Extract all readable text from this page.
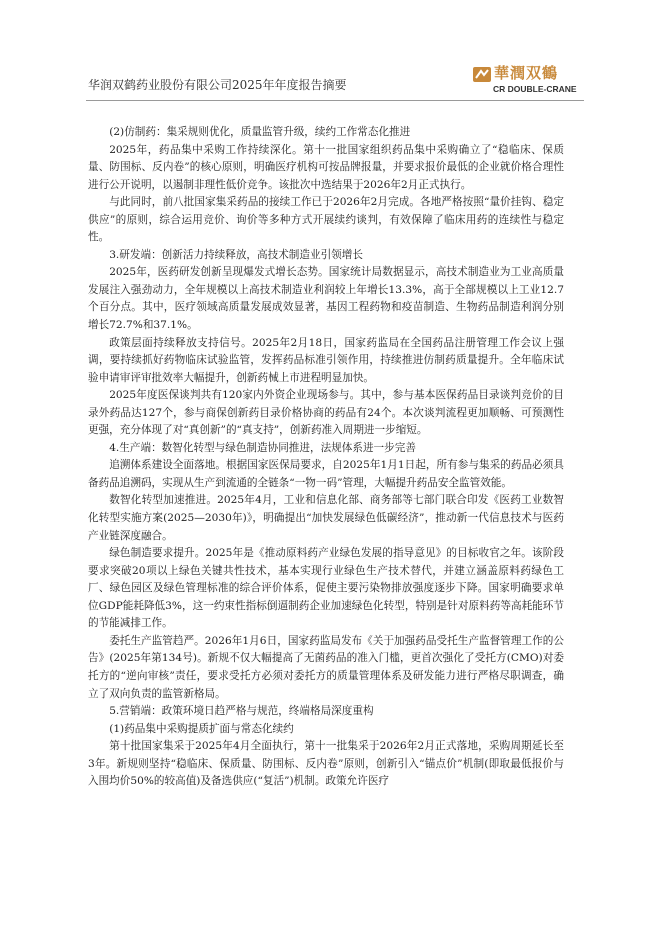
华润双鹤药业股份有限公司2025年年度报告摘要
華潤双鶴
CR DOUBLE-CRANE

(2)仿制药：集采规则优化，质量监管升级，续约工作常态化推进

2025年，药品集中采购工作持续深化。第十一批国家组织药品集中采购确立了“稳临床、保质量、防围标、反内卷”的核心原则，明确医疗机构可按品牌报量，并要求报价最低的企业就价格合理性进行公开说明，以遏制非理性低价竞争。该批次中选结果于2026年2月正式执行。

与此同时，前八批国家集采药品的接续工作已于2026年2月完成。各地严格按照“量价挂钩、稳定供应”的原则，综合运用竞价、询价等多种方式开展续约谈判，有效保障了临床用药的连续性与稳定性。

3.研发端：创新活力持续释放，高技术制造业引领增长

2025年，医药研发创新呈现爆发式增长态势。国家统计局数据显示，高技术制造业为工业高质量发展注入强劲动力，全年规模以上高技术制造业利润较上年增长13.3%，高于全部规模以上工业12.7个百分点。其中，医疗领域高质量发展成效显著，基因工程药物和疫苗制造、生物药品制造利润分别增长72.7%和37.1%。

政策层面持续释放支持信号。2025年2月18日，国家药监局在全国药品注册管理工作会议上强调，要持续抓好药物临床试验监管，发挥药品标准引领作用，持续推进仿制药质量提升。全年临床试验申请审评审批效率大幅提升，创新药械上市进程明显加快。

2025年度医保谈判共有120家内外资企业现场参与。其中，参与基本医保药品目录谈判竞价的目录外药品达127个，参与商保创新药目录价格协商的药品有24个。本次谈判流程更加顺畅、可预测性更强，充分体现了对“真创新”的“真支持”，创新药准入周期进一步缩短。

4.生产端：数智化转型与绿色制造协同推进，法规体系进一步完善

追溯体系建设全面落地。根据国家医保局要求，自2025年1月1日起，所有参与集采的药品必须具备药品追溯码，实现从生产到流通的全链条“一物一码”管理，大幅提升药品安全监管效能。

数智化转型加速推进。2025年4月，工业和信息化部、商务部等七部门联合印发《医药工业数智化转型实施方案(2025—2030年)》，明确提出“加快发展绿色低碳经济”，推动新一代信息技术与医药产业链深度融合。

绿色制造要求提升。2025年是《推动原料药产业绿色发展的指导意见》的目标收官之年。该阶段要求突破20项以上绿色关键共性技术，基本实现行业绿色生产技术替代，并建立涵盖原料药绿色工厂、绿色园区及绿色管理标准的综合评价体系，促使主要污染物排放强度逐步下降。国家明确要求单位GDP能耗降低3%，这一约束性指标倒逼制药企业加速绿色化转型，特别是针对原料药等高耗能环节的节能减排工作。

委托生产监管趋严。2026年1月6日，国家药监局发布《关于加强药品受托生产监督管理工作的公告》(2025年第134号)。新规不仅大幅提高了无菌药品的准入门槛，更首次强化了受托方(CMO)对委托方的“逆向审核”责任，要求受托方必须对委托方的质量管理体系及研发能力进行严格尽职调查，确立了双向负责的监管新格局。

5.营销端：政策环境日趋严格与规范，终端格局深度重构

(1)药品集中采购提质扩面与常态化续约

第十批国家集采于2025年4月全面执行，第十一批集采于2026年2月正式落地，采购周期延长至3年。新规则坚持“稳临床、保质量、防围标、反内卷”原则，创新引入“锚点价”机制(即取最低报价与入围均价50%的较高值)及备选供应(“复活”)机制。政策允许医疗
